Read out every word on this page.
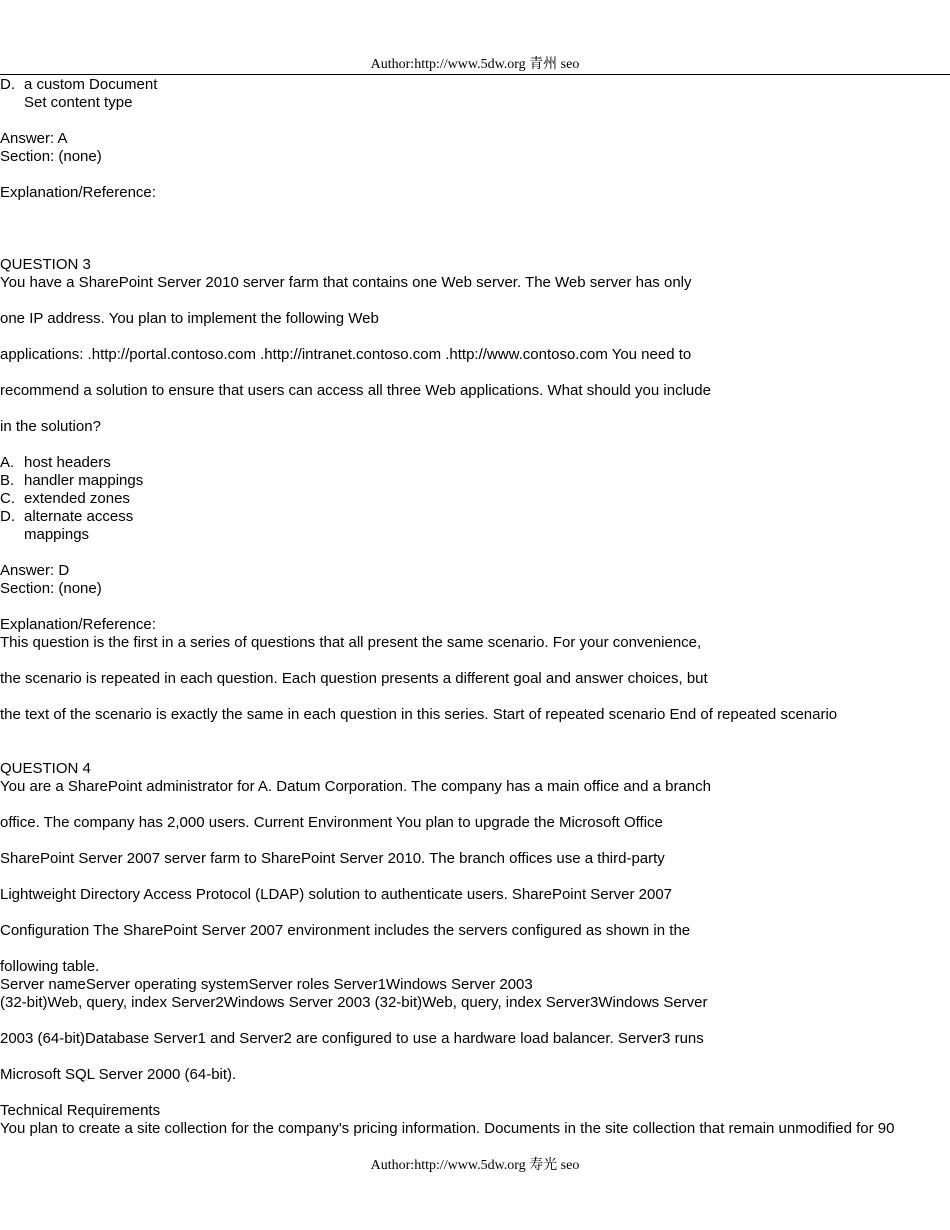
Author:http://www.5dw.org 青州 seo
D. a custom Document
Set content type
Answer: A
Section: (none)
Explanation/Reference:
QUESTION 3
You have a SharePoint Server 2010 server farm that contains one Web server. The Web server has only
one IP address. You plan to implement the following Web
applications: .http://portal.contoso.com .http://intranet.contoso.com .http://www.contoso.com You need to
recommend a solution to ensure that users can access all three Web applications. What should you include
in the solution?
A. host headers
B. handler mappings
C. extended zones
D. alternate access
mappings
Answer: D
Section: (none)
Explanation/Reference:
This question is the first in a series of questions that all present the same scenario. For your convenience,
the scenario is repeated in each question. Each question presents a different goal and answer choices, but
the text of the scenario is exactly the same in each question in this series. Start of repeated scenario End of repeated scenario
QUESTION 4
You are a SharePoint administrator for A. Datum Corporation. The company has a main office and a branch
office. The company has 2,000 users. Current Environment You plan to upgrade the Microsoft Office
SharePoint Server 2007 server farm to SharePoint Server 2010. The branch offices use a third-party
Lightweight Directory Access Protocol (LDAP) solution to authenticate users. SharePoint Server 2007
Configuration The SharePoint Server 2007 environment includes the servers configured as shown in the
following table.
Server nameServer operating systemServer roles Server1Windows Server 2003
(32-bit)Web, query, index Server2Windows Server 2003 (32-bit)Web, query, index Server3Windows Server
2003 (64-bit)Database Server1 and Server2 are configured to use a hardware load balancer. Server3 runs
Microsoft SQL Server 2000 (64-bit).
Technical Requirements
You plan to create a site collection for the company's pricing information. Documents in the site collection that remain unmodified for 90
Author:http://www.5dw.org 寿光 seo
